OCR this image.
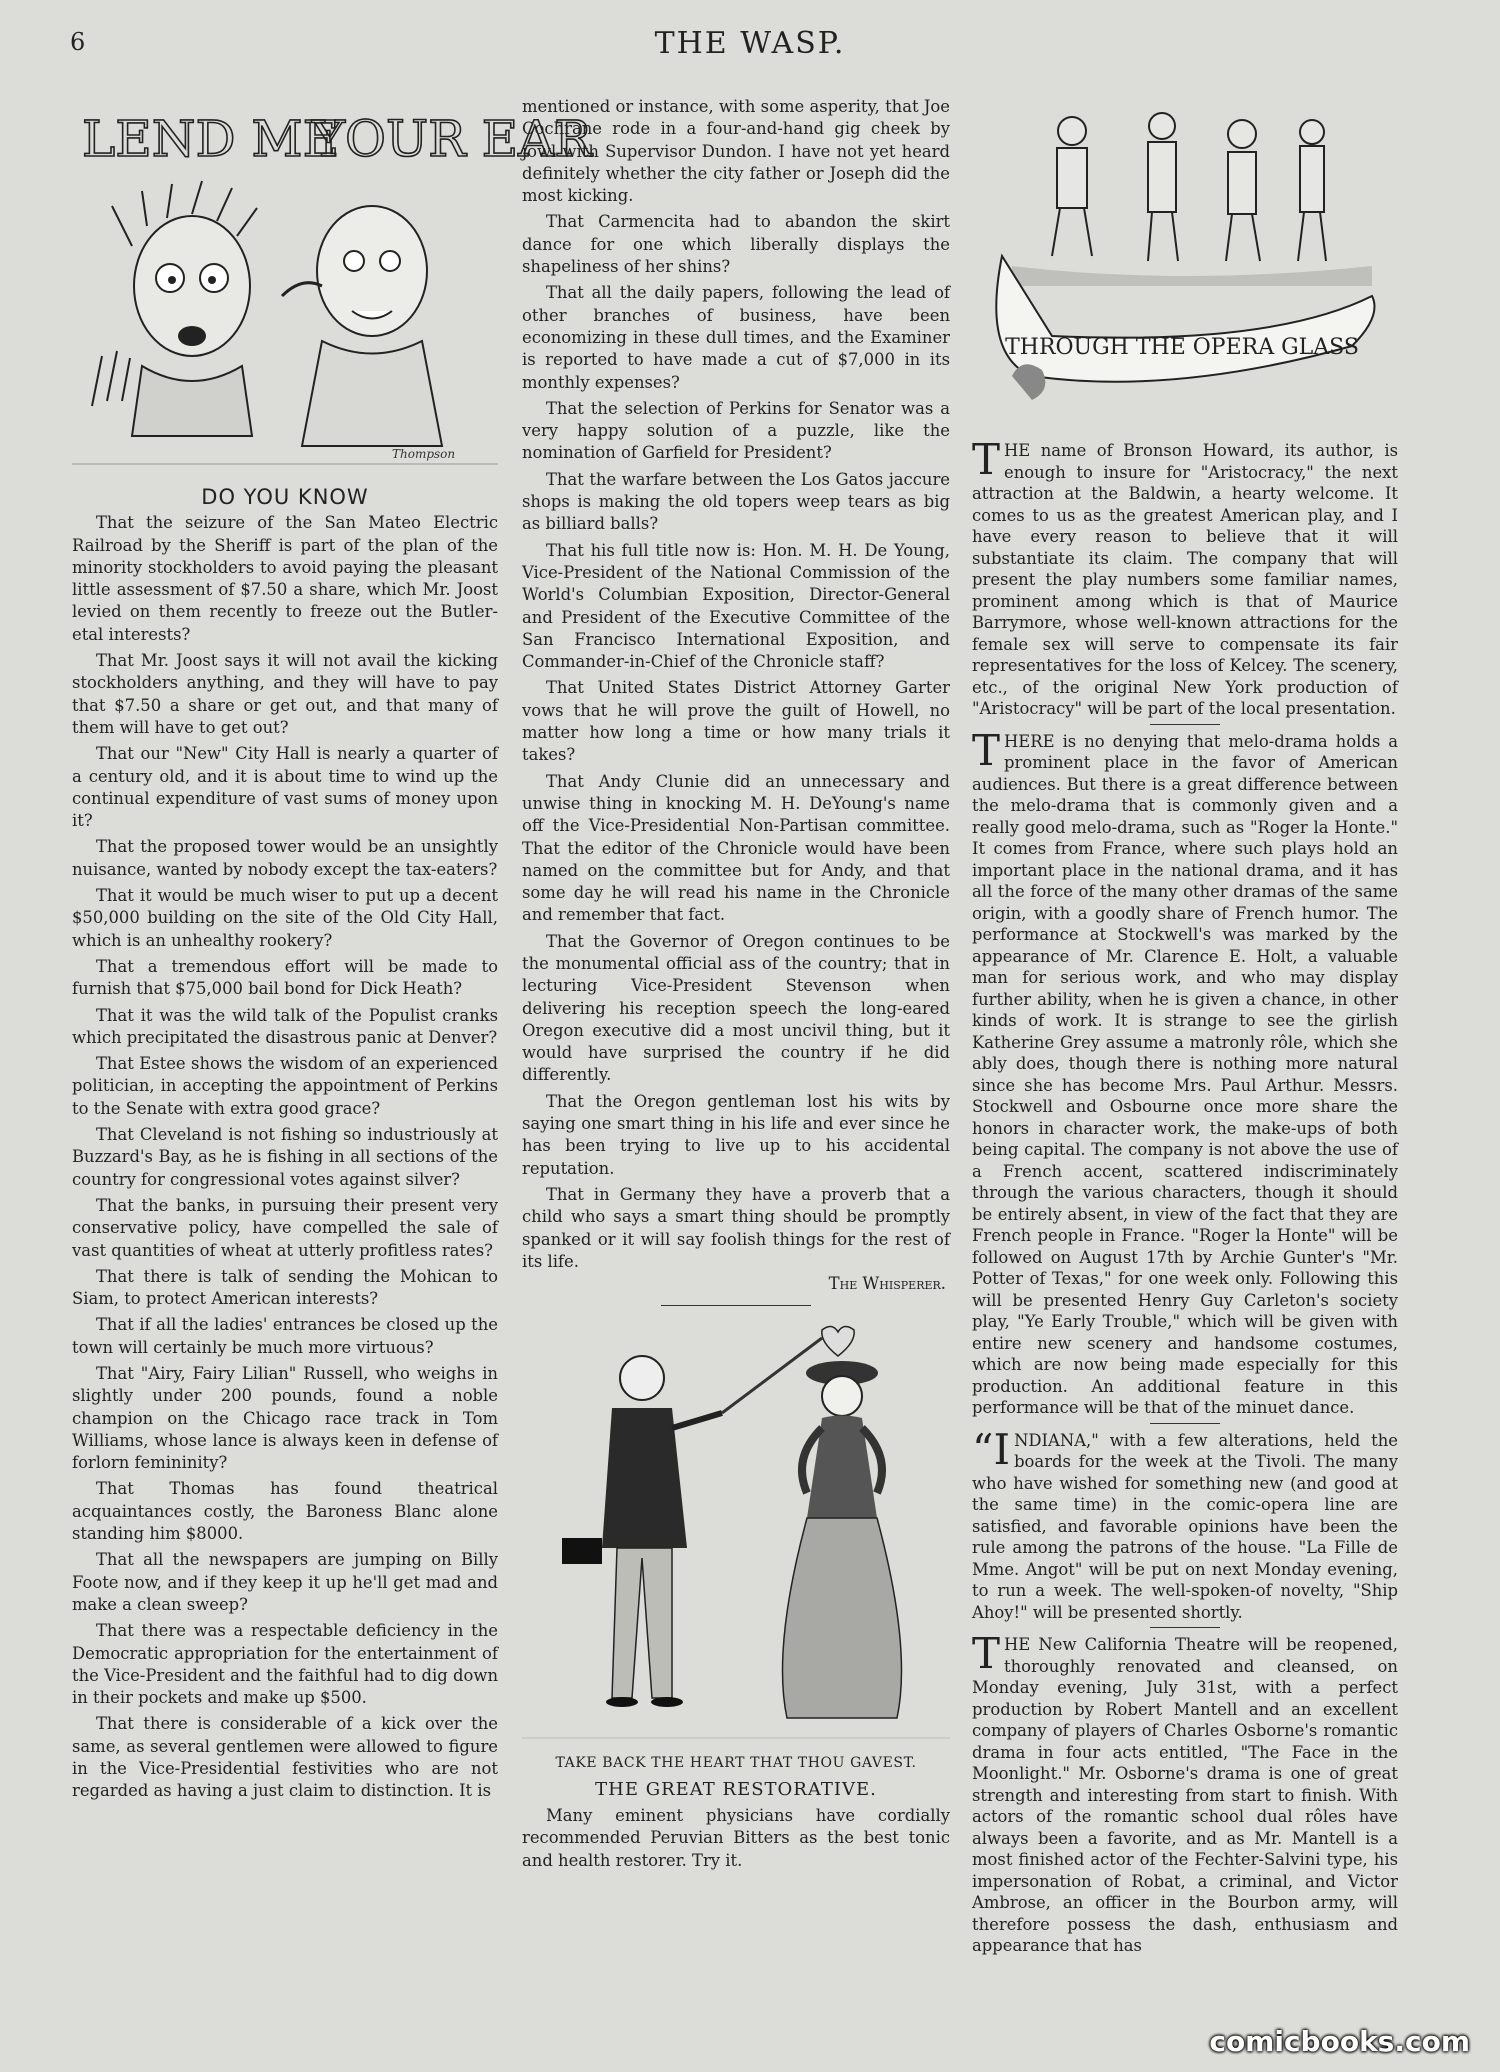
6	THE WASP.
LEND ME
YOUR EAR
Thompson
DO YOU KNOW

That the seizure of the San Mateo Electric Railroad by the Sheriff is part of the plan of the minority stockholders to avoid paying the pleasant little assessment of $7.50 a share, which Mr. Joost levied on them recently to freeze out the Butler-etal interests?

That Mr. Joost says it will not avail the kicking stockholders anything, and they will have to pay that $7.50 a share or get out, and that many of them will have to get out?

That our "New" City Hall is nearly a quarter of a century old, and it is about time to wind up the continual expenditure of vast sums of money upon it?

That the proposed tower would be an unsightly nuisance, wanted by nobody except the tax-eaters?

That it would be much wiser to put up a decent $50,000 building on the site of the Old City Hall, which is an unhealthy rookery?

That a tremendous effort will be made to furnish that $75,000 bail bond for Dick Heath?

That it was the wild talk of the Populist cranks which precipitated the disastrous panic at Denver?

That Estee shows the wisdom of an experienced politician, in accepting the appointment of Perkins to the Senate with extra good grace?

That Cleveland is not fishing so industriously at Buzzard's Bay, as he is fishing in all sections of the country for congressional votes against silver?

That the banks, in pursuing their present very conservative policy, have compelled the sale of vast quantities of wheat at utterly profitless rates?

That there is talk of sending the Mohican to Siam, to protect American interests?

That if all the ladies' entrances be closed up the town will certainly be much more virtuous?

That "Airy, Fairy Lilian" Russell, who weighs in slightly under 200 pounds, found a noble champion on the Chicago race track in Tom Williams, whose lance is always keen in defense of forlorn femininity?

That Thomas has found theatrical acquaintances costly, the Baroness Blanc alone standing him $8000.

That all the newspapers are jumping on Billy Foote now, and if they keep it up he'll get mad and make a clean sweep?

That there was a respectable deficiency in the Democratic appropriation for the entertainment of the Vice-President and the faithful had to dig down in their pockets and make up $500.

That there is considerable of a kick over the same, as several gentlemen were allowed to figure in the Vice-Presidential festivities who are not regarded as having a just claim to distinction. It is

mentioned or instance, with some asperity, that Joe Cochrane rode in a four-and-hand gig cheek by jowl with Supervisor Dundon. I have not yet heard definitely whether the city father or Joseph did the most kicking.

That Carmencita had to abandon the skirt dance for one which liberally displays the shapeliness of her shins?

That all the daily papers, following the lead of other branches of business, have been economizing in these dull times, and the Examiner is reported to have made a cut of $7,000 in its monthly expenses?

That the selection of Perkins for Senator was a very happy solution of a puzzle, like the nomination of Garfield for President?

That the warfare between the Los Gatos jaccure shops is making the old topers weep tears as big as billiard balls?

That his full title now is: Hon. M. H. De Young, Vice-President of the National Commission of the World's Columbian Exposition, Director-General and President of the Executive Committee of the San Francisco International Exposition, and Commander-in-Chief of the Chronicle staff?

That United States District Attorney Garter vows that he will prove the guilt of Howell, no matter how long a time or how many trials it takes?

That Andy Clunie did an unnecessary and unwise thing in knocking M. H. DeYoung's name off the Vice-Presidential Non-Partisan committee. That the editor of the Chronicle would have been named on the committee but for Andy, and that some day he will read his name in the Chronicle and remember that fact.

That the Governor of Oregon continues to be the monumental official ass of the country; that in lecturing Vice-President Stevenson when delivering his reception speech the long-eared Oregon executive did a most uncivil thing, but it would have surprised the country if he did differently.

That the Oregon gentleman lost his wits by saying one smart thing in his life and ever since he has been trying to live up to his accidental reputation.

That in Germany they have a proverb that a child who says a smart thing should be promptly spanked or it will say foolish things for the rest of its life.

The Whisperer.
TAKE BACK THE HEART THAT THOU GAVEST.
THE GREAT RESTORATIVE.

Many eminent physicians have cordially recommended Peruvian Bitters as the best tonic and health restorer. Try it.

THROUGH THE OPERA GLASS

THE name of Bronson Howard, its author, is enough to insure for "Aristocracy," the next attraction at the Baldwin, a hearty welcome. It comes to us as the greatest American play, and I have every reason to believe that it will substantiate its claim. The company that will present the play numbers some familiar names, prominent among which is that of Maurice Barrymore, whose well-known attractions for the female sex will serve to compensate its fair representatives for the loss of Kelcey. The scenery, etc., of the original New York production of "Aristocracy" will be part of the local presentation.

THERE is no denying that melo-drama holds a prominent place in the favor of American audiences. But there is a great difference between the melo-drama that is commonly given and a really good melo-drama, such as "Roger la Honte." It comes from France, where such plays hold an important place in the national drama, and it has all the force of the many other dramas of the same origin, with a goodly share of French humor. The performance at Stockwell's was marked by the appearance of Mr. Clarence E. Holt, a valuable man for serious work, and who may display further ability, when he is given a chance, in other kinds of work. It is strange to see the girlish Katherine Grey assume a matronly rôle, which she ably does, though there is nothing more natural since she has become Mrs. Paul Arthur. Messrs. Stockwell and Osbourne once more share the honors in character work, the make-ups of both being capital. The company is not above the use of a French accent, scattered indiscriminately through the various characters, though it should be entirely absent, in view of the fact that they are French people in France. "Roger la Honte" will be followed on August 17th by Archie Gunter's "Mr. Potter of Texas," for one week only. Following this will be presented Henry Guy Carleton's society play, "Ye Early Trouble," which will be given with entire new scenery and handsome costumes, which are now being made especially for this production. An additional feature in this performance will be that of the minuet dance.

“INDIANA," with a few alterations, held the boards for the week at the Tivoli. The many who have wished for something new (and good at the same time) in the comic-opera line are satisfied, and favorable opinions have been the rule among the patrons of the house. "La Fille de Mme. Angot" will be put on next Monday evening, to run a week. The well-spoken-of novelty, "Ship Ahoy!" will be presented shortly.

THE New California Theatre will be reopened, thoroughly renovated and cleansed, on Monday evening, July 31st, with a perfect production by Robert Mantell and an excellent company of players of Charles Osborne's romantic drama in four acts entitled, "The Face in the Moonlight." Mr. Osborne's drama is one of great strength and interesting from start to finish. With actors of the romantic school dual rôles have always been a favorite, and as Mr. Mantell is a most finished actor of the Fechter-Salvini type, his impersonation of Robat, a criminal, and Victor Ambrose, an officer in the Bourbon army, will therefore possess the dash, enthusiasm and appearance that has

comicbooks.com
